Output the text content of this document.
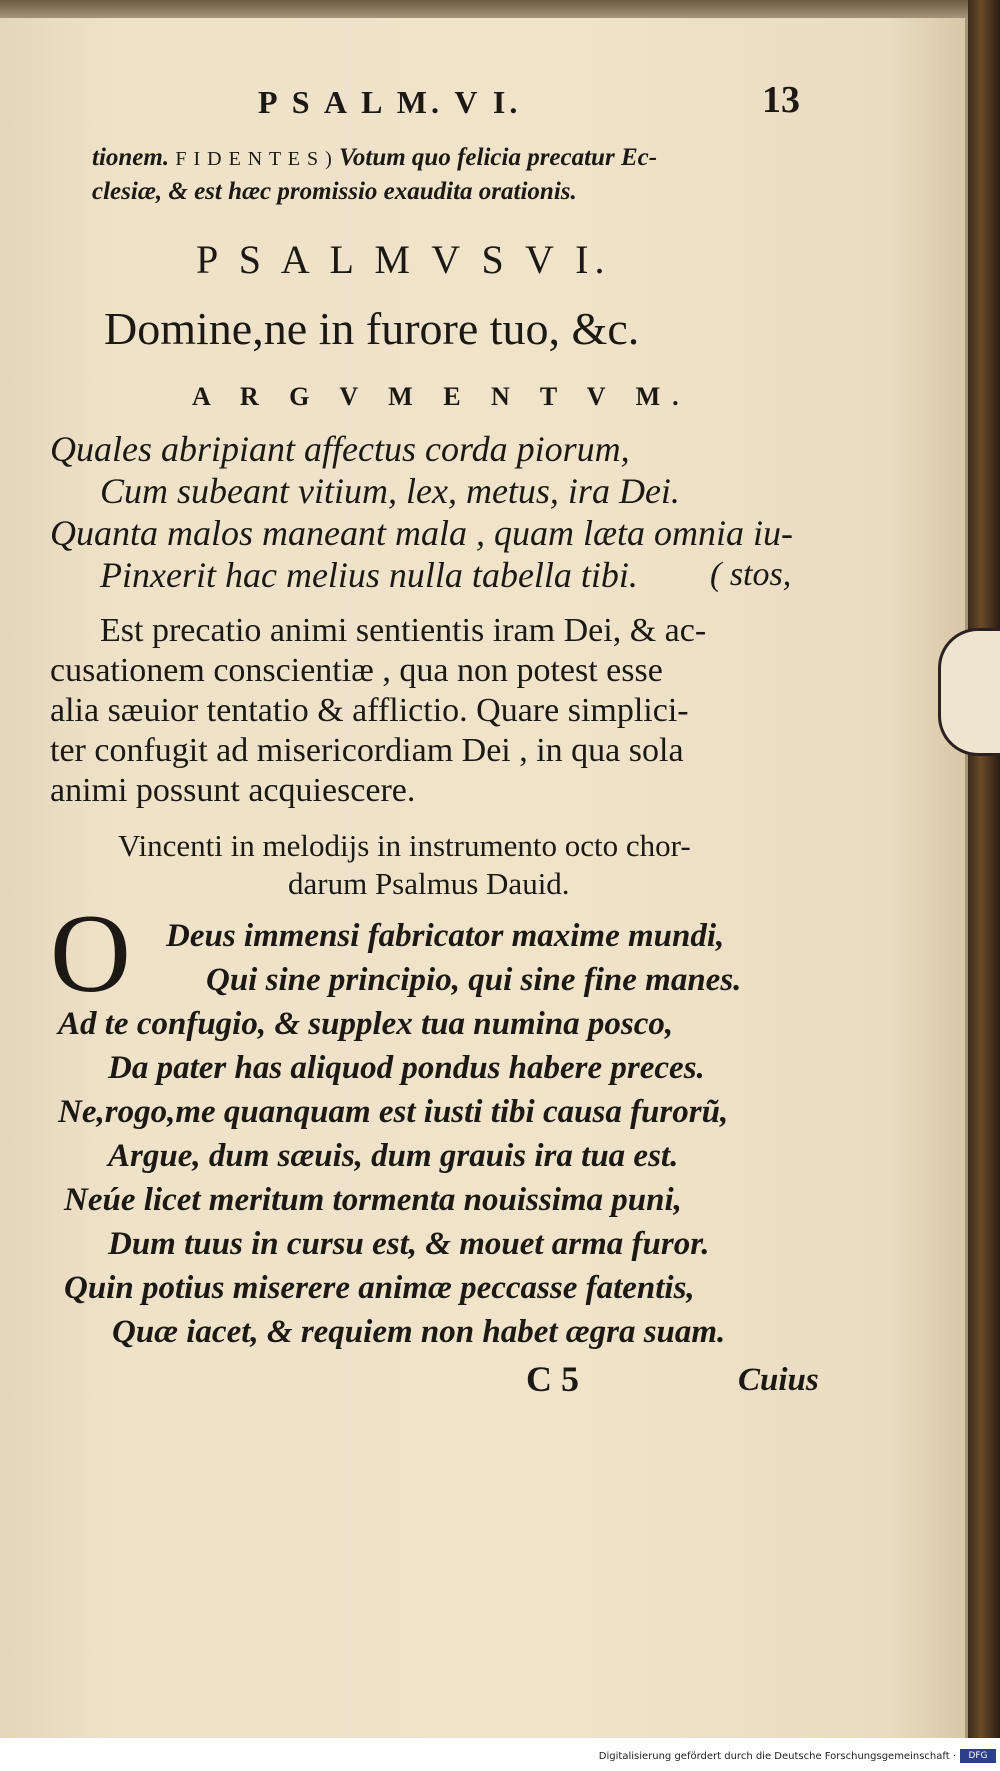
P S A L M. V I.	13
tionem. F I D E N T E S ) Votum quo felicia precatur Ec-
clesiæ, & est hæc promissio exaudita orationis.
P S A L M V S V I.
Domine,ne in furore tuo, &c.
A R G V M E N T V M.
Quales abripiant affectus corda piorum,
Cum subeant vitium, lex, metus, ira Dei.
Quanta malos maneant mala , quam læta omnia iu-
Pinxerit hac melius nulla tabella tibi. ( stos,
Est precatio animi sentientis iram Dei, & ac-
cusationem conscientiæ , qua non potest esse
alia sæuior tentatio & afflictio. Quare simplici-
ter confugit ad misericordiam Dei , in qua sola
animi possunt acquiescere.
Vincenti in melodijs in instrumento octo chor-
darum Psalmus Dauid.
O Deus immensi fabricator maxime mundi,
Qui sine principio, qui sine fine manes.
Ad te confugio, & supplex tua numina posco,
Da pater has aliquod pondus habere preces.
Ne,rogo,me quanquam est iusti tibi causa furorũ,
Argue, dum sæuis, dum grauis ira tua est.
Neúe licet meritum tormenta nouissima puni,
Dum tuus in cursu est, & mouet arma furor.
Quin potius miserere animæ peccasse fatentis,
Quæ iacet, & requiem non habet ægra suam.
C 5	Cuius
Digitalisierung gefördert durch die Deutsche Forschungsgemeinschaft ·	DFG
